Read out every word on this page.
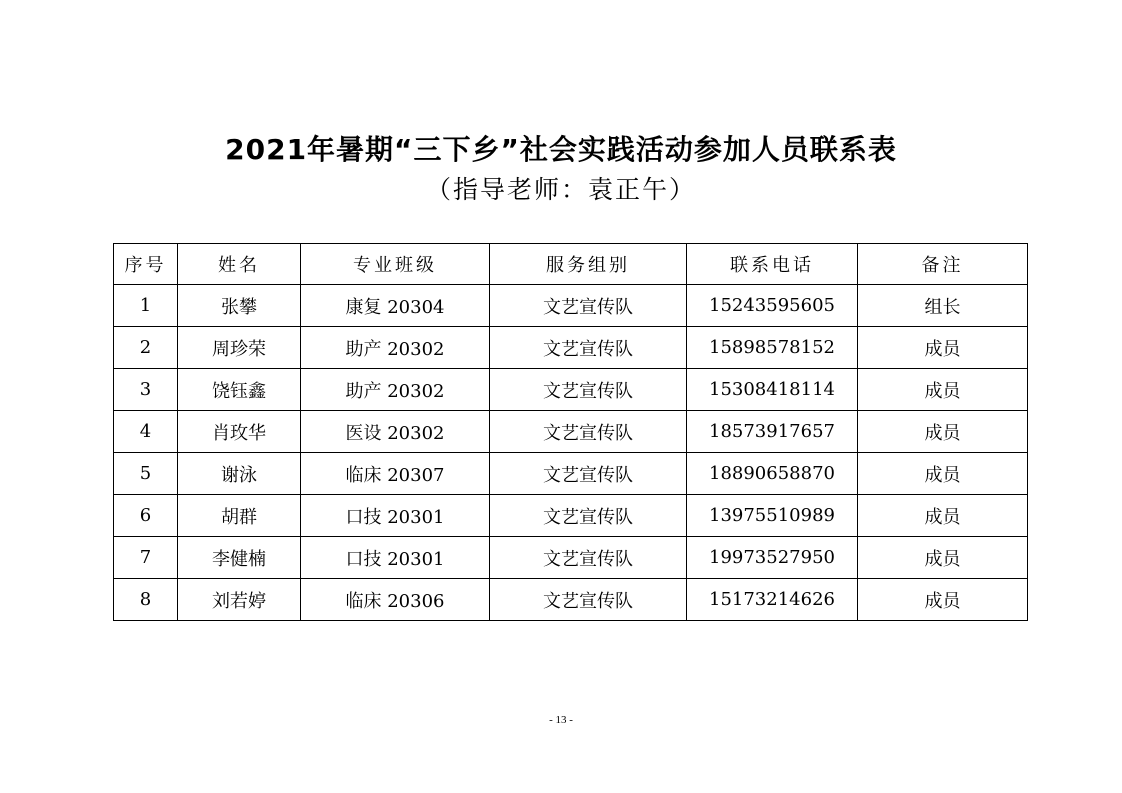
2021年暑期“三下乡”社会实践活动参加人员联系表
（指导老师：袁正午）
序号	姓名	专业班级	服务组别	联系电话	备注
1	张攀	康复 20304	文艺宣传队	15243595605	组长
2	周珍荣	助产 20302	文艺宣传队	15898578152	成员
3	饶钰鑫	助产 20302	文艺宣传队	15308418114	成员
4	肖玫华	医设 20302	文艺宣传队	18573917657	成员
5	谢泳	临床 20307	文艺宣传队	18890658870	成员
6	胡群	口技 20301	文艺宣传队	13975510989	成员
7	李健楠	口技 20301	文艺宣传队	19973527950	成员
8	刘若婷	临床 20306	文艺宣传队	15173214626	成员
- 13 -
